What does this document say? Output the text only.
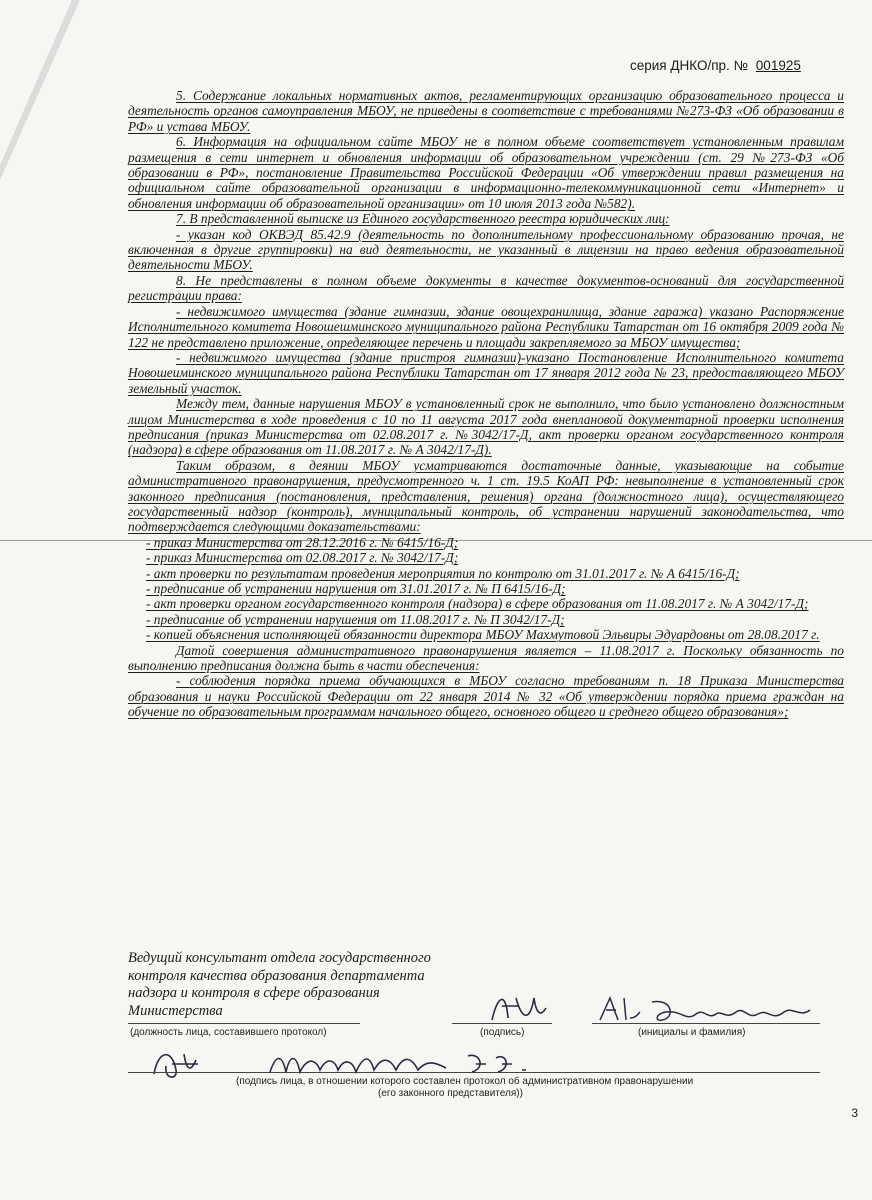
серия ДНКО/пр. № 001925

5. Содержание локальных нормативных актов, регламентирующих организацию образовательного процесса и деятельность органов самоуправления МБОУ, не приведены в соответствие с требованиями №273-ФЗ «Об образовании в РФ» и устава МБОУ.

6. Информация на официальном сайте МБОУ не в полном объеме соответствует установленным правилам размещения в сети интернет и обновления информации об образовательном учреждении (ст. 29 №273-ФЗ «Об образовании в РФ», постановление Правительства Российской Федерации «Об утверждении правил размещения на официальном сайте образовательной организации в информационно-телекоммуникационной сети «Интернет» и обновления информации об образовательной организации» от 10 июля 2013 года №582).

7. В представленной выписке из Единого государственного реестра юридических лиц:

- указан код ОКВЭД 85.42.9 (деятельность по дополнительному профессиональному образованию прочая, не включенная в другие группировки) на вид деятельности, не указанный в лицензии на право ведения образовательной деятельности МБОУ.

8. Не представлены в полном объеме документы в качестве документов-оснований для государственной регистрации права:

- недвижимого имущества (здание гимназии, здание овощехранилища, здание гаража) указано Распоряжение Исполнительного комитета Новошешминского муниципального района Республики Татарстан от 16 октября 2009 года № 122 не представлено приложение, определяющее перечень и площади закрепляемого за МБОУ имущества;

- недвижимого имущества (здание пристроя гимназии)-указано Постановление Исполнительного комитета Новошеиминского муниципального района Республики Татарстан от 17 января 2012 года № 23, предоставляющего МБОУ земельный участок.

Между тем, данные нарушения МБОУ в установленный срок не выполнило, что было установлено должностным лицом Министерства в ходе проведения с 10 по 11 августа 2017 года внеплановой документарной проверки исполнения предписания (приказ Министерства от 02.08.2017 г. №3042/17-Д, акт проверки органом государственного контроля (надзора) в сфере образования от 11.08.2017 г. № А 3042/17-Д).

Таким образом, в деянии МБОУ усматриваются достаточные данные, указывающие на событие административного правонарушения, предусмотренного ч. 1 ст. 19.5 КоАП РФ: невыполнение в установленный срок законного предписания (постановления, представления, решения) органа (должностного лица), осуществляющего государственный надзор (контроль), муниципальный контроль, об устранении нарушений законодательства, что подтверждается следующими доказательствами:

- приказ Министерства от 28.12.2016 г. № 6415/16-Д;

- приказ Министерства от 02.08.2017 г. № 3042/17-Д;

- акт проверки по результатам проведения мероприятия по контролю от 31.01.2017 г. № А 6415/16-Д;

- предписание об устранении нарушения от 31.01.2017 г. № П 6415/16-Д;

- акт проверки органом государственного контроля (надзора) в сфере образования от 11.08.2017 г. № А 3042/17-Д;

- предписание об устранении нарушения от 11.08.2017 г. № П 3042/17-Д;

- копией объяснения исполняющей обязанности директора МБОУ Махмутовой Эльвиры Эдуардовны от 28.08.2017 г.

Датой совершения административного правонарушения является – 11.08.2017 г. Поскольку обязанность по выполнению предписания должна быть в части обеспечения:

- соблюдения порядка приема обучающихся в МБОУ согласно требованиям п. 18 Приказа Министерства образования и науки Российской Федерации от 22 января 2014 № 32 «Об утверждении порядка приема граждан на обучение по образовательным программам начального общего, основного общего и среднего общего образования»;

Ведущий консультант отдела государственного
контроля качества образования департамента
надзора и контроля в сфере образования
Министерства
(должность лица, составившего протокол)	(подпись)	(инициалы и фамилия)
(подпись лица, в отношении которого составлен протокол об административном правонарушении
(его законного представителя))
3
